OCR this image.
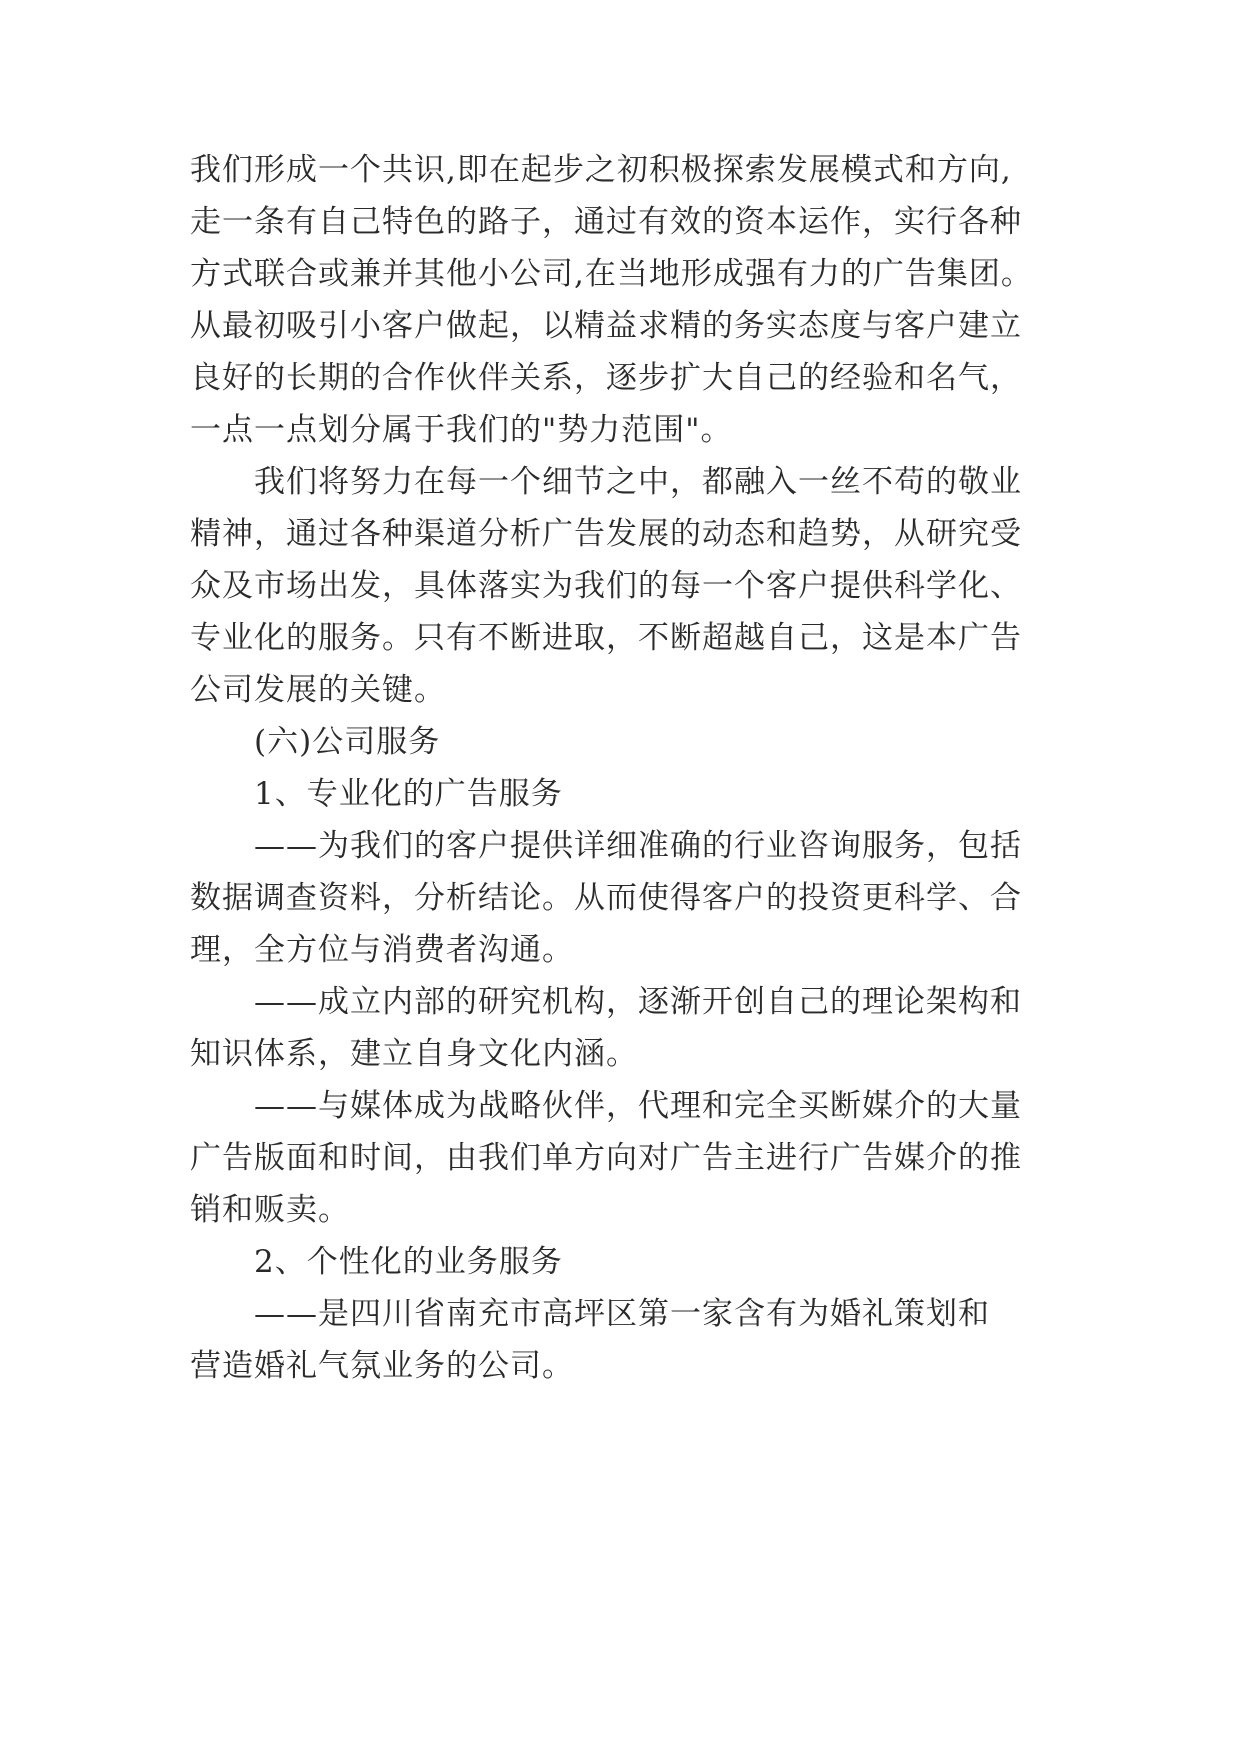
我们形成一个共识,即在起步之初积极探索发展模式和方向,
走一条有自己特色的路子，通过有效的资本运作，实行各种
方式联合或兼并其他小公司,在当地形成强有力的广告集团。
从最初吸引小客户做起，以精益求精的务实态度与客户建立
良好的长期的合作伙伴关系，逐步扩大自己的经验和名气，
一点一点划分属于我们的"势力范围"。
我们将努力在每一个细节之中，都融入一丝不苟的敬业
精神，通过各种渠道分析广告发展的动态和趋势，从研究受
众及市场出发，具体落实为我们的每一个客户提供科学化、
专业化的服务。只有不断进取，不断超越自己，这是本广告
公司发展的关键。
(六)公司服务
1、专业化的广告服务
——为我们的客户提供详细准确的行业咨询服务，包括
数据调查资料，分析结论。从而使得客户的投资更科学、合
理，全方位与消费者沟通。
——成立内部的研究机构，逐渐开创自己的理论架构和
知识体系，建立自身文化内涵。
——与媒体成为战略伙伴，代理和完全买断媒介的大量
广告版面和时间，由我们单方向对广告主进行广告媒介的推
销和贩卖。
2、个性化的业务服务
——是四川省南充市高坪区第一家含有为婚礼策划和
营造婚礼气氛业务的公司。
